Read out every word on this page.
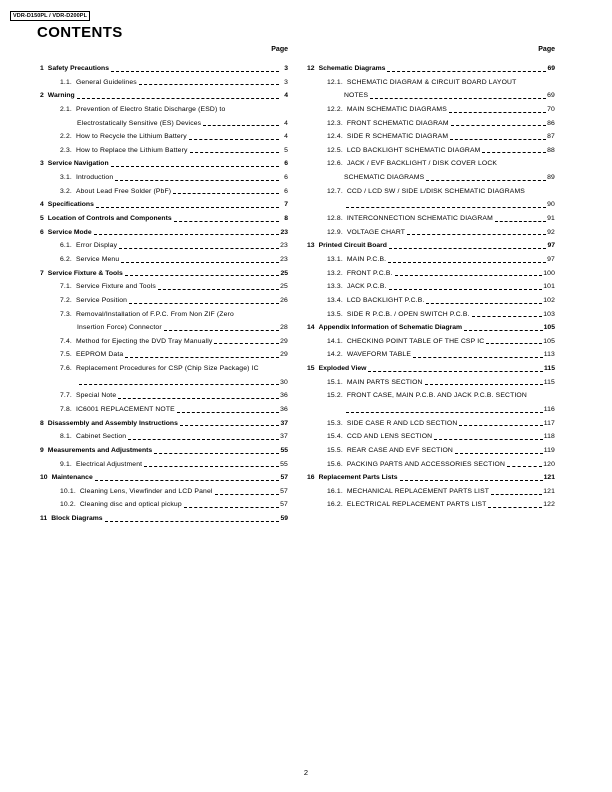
VDR-D150PL / VDR-D200PL
CONTENTS
Page
1 Safety Precautions	3
1.1. General Guidelines	3
2 Warning	4
2.1. Prevention of Electro Static Discharge (ESD) to
Electrostatically Sensitive (ES) Devices	4
2.2. How to Recycle the Lithium Battery	4
2.3. How to Replace the Lithium Battery	5
3 Service Navigation	6
3.1. Introduction	6
3.2. About Lead Free Solder (PbF)	6
4 Specifications	7
5 Location of Controls and Components	8
6 Service Mode	23
6.1. Error Display	23
6.2. Service Menu	23
7 Service Fixture & Tools	25
7.1. Service Fixture and Tools	25
7.2. Service Position	26
7.3. Removal/Installation of F.P.C. From Non ZIF (Zero
Insertion Force) Connector	28
7.4. Method for Ejecting the DVD Tray Manually	29
7.5. EEPROM Data	29
7.6. Replacement Procedures for CSP (Chip Size Package) IC
30
7.7. Special Note	36
7.8. IC6001 REPLACEMENT NOTE	36
8 Disassembly and Assembly Instructions	37
8.1. Cabinet Section	37
9 Measurements and Adjustments	55
9.1. Electrical Adjustment	55
10 Maintenance	57
10.1. Cleaning Lens, Viewfinder and LCD Panel	57
10.2. Cleaning disc and optical pickup	57
11 Block Diagrams	59
Page
12 Schematic Diagrams	69
12.1. SCHEMATIC DIAGRAM & CIRCUIT BOARD LAYOUT
NOTES	69
12.2. MAIN SCHEMATIC DIAGRAMS	70
12.3. FRONT SCHEMATIC DIAGRAM	86
12.4. SIDE R SCHEMATIC DIAGRAM	87
12.5. LCD BACKLIGHT SCHEMATIC DIAGRAM	88
12.6. JACK / EVF BACKLIGHT / DISK COVER LOCK
SCHEMATIC DIAGRAMS	89
12.7. CCD / LCD SW / SIDE L/DISK SCHEMATIC DIAGRAMS
90
12.8. INTERCONNECTION SCHEMATIC DIAGRAM	91
12.9. VOLTAGE CHART	92
13 Printed Circuit Board	97
13.1. MAIN P.C.B.	97
13.2. FRONT P.C.B.	100
13.3. JACK P.C.B.	101
13.4. LCD BACKLIGHT P.C.B.	102
13.5. SIDE R P.C.B. / OPEN SWITCH P.C.B.	103
14 Appendix Information of Schematic Diagram	105
14.1. CHECKING POINT TABLE OF THE CSP IC	105
14.2. WAVEFORM TABLE	113
15 Exploded View	115
15.1. MAIN PARTS SECTION	115
15.2. FRONT CASE, MAIN P.C.B. AND JACK P.C.B. SECTION
116
15.3. SIDE CASE R AND LCD SECTION	117
15.4. CCD AND LENS SECTION	118
15.5. REAR CASE AND EVF SECTION	119
15.6. PACKING PARTS AND ACCESSORIES SECTION	120
16 Replacement Parts Lists	121
16.1. MECHANICAL REPLACEMENT PARTS LIST	121
16.2. ELECTRICAL REPLACEMENT PARTS LIST	122
2
